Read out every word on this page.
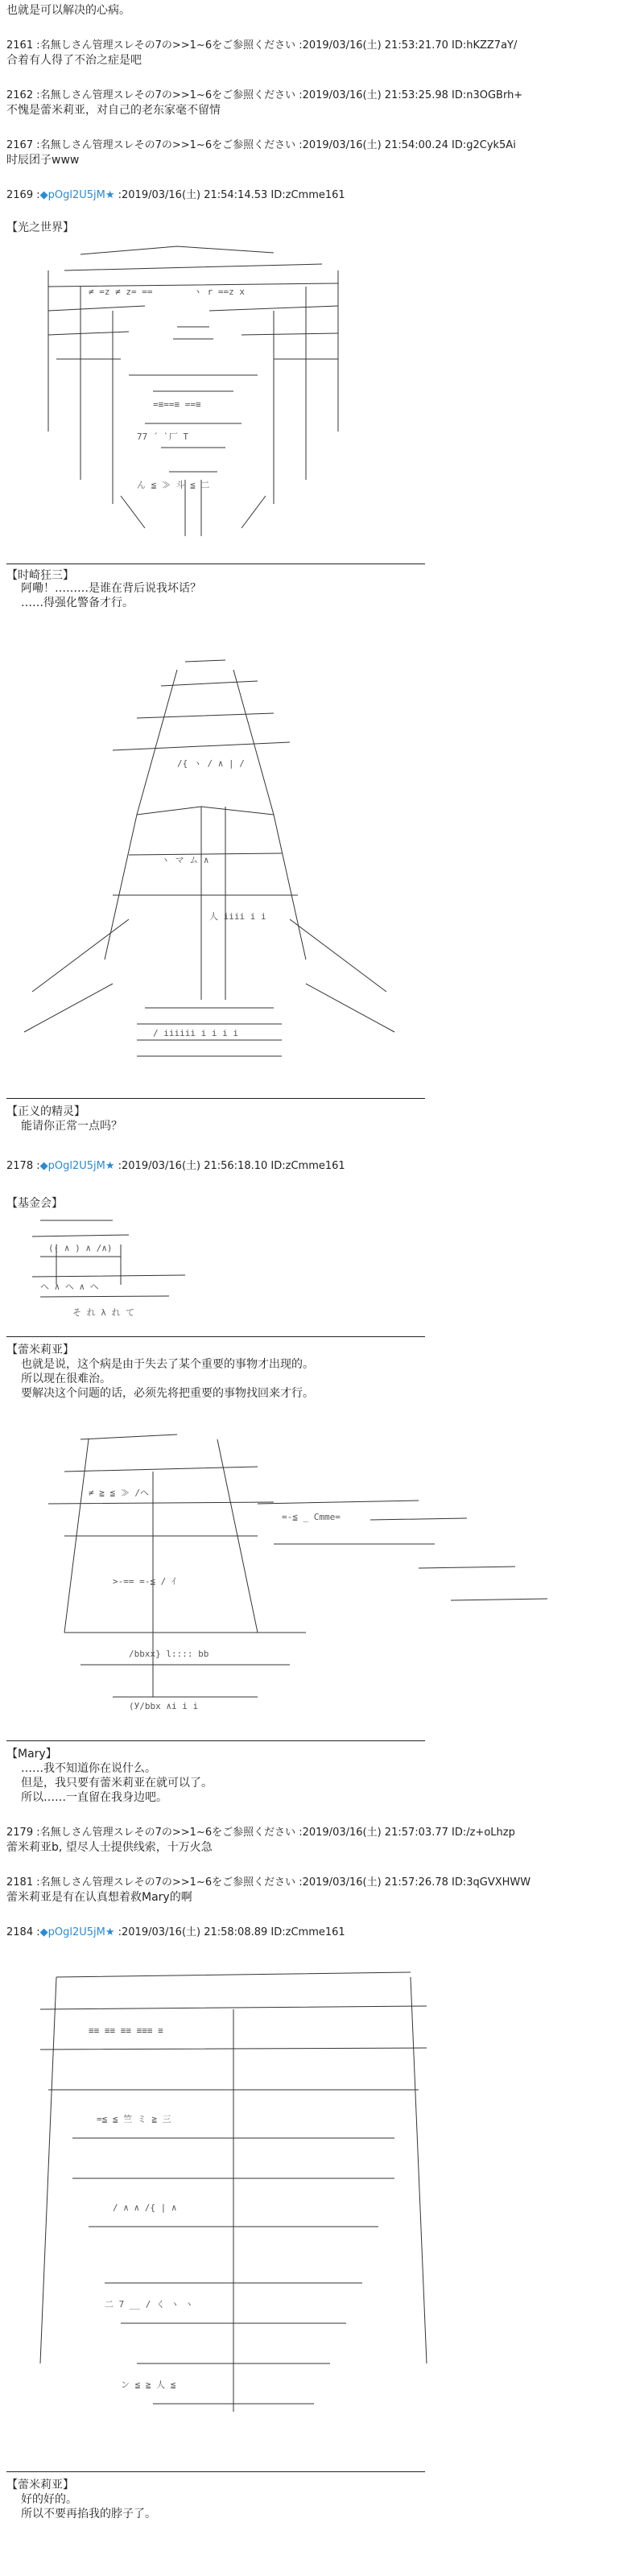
也就是可以解决的心病。
2161 :名無しさん管理スレその7の>>1~6をご参照ください :2019/03/16(土) 21:53:21.70 ID:hKZZ7aY/
合着有人得了不治之症是吧
2162 :名無しさん管理スレその7の>>1~6をご参照ください :2019/03/16(土) 21:53:25.98 ID:n3OGBrh+
不愧是蕾米莉亚，对自己的老东家毫不留情
2167 :名無しさん管理スレその7の>>1~6をご参照ください :2019/03/16(土) 21:54:00.24 ID:g2Cyk5Ai
时辰团子www
2169 :◆pOgl2U5jM★ :2019/03/16(土) 21:54:14.53 ID:zCmme161
【光之世界】
≠ =z ≠ z= ==	ヽ r ==z x
=≡==≡ ==≡
77 ´ `厂 T
ん ≦ ≫ 斗 ≦ 二
【时崎狂三】
阿嘞！………是谁在背后说我坏话？
……得强化警备才行。
/{ ヽ / ∧ | /
ヽ マ ム ∧
人 iiii i i
/ iiiiii i i i i
【正义的精灵】
能请你正常一点吗？
2178 :◆pOgl2U5jM★ :2019/03/16(土) 21:56:18.10 ID:zCmme161
【基金会】
(( ∧ ) ∧ /∧)
ヘ ∧ ヘ ∧ ヘ
そ れ λ れ て
【蕾米莉亚】
也就是说，这个病是由于失去了某个重要的事物才出现的。
所以现在很难治。
要解决这个问题的话，必须先将把重要的事物找回来才行。
≠ ≧ ≦ ≫ /ヘ
>-== =-≦ / ｲ
=-≦ _ Cmme=
/bbxx} l:::: bb
(У/bbx ∧i i i
【Mary】
……我不知道你在说什么。
但是，我只要有蕾米莉亚在就可以了。
所以……一直留在我身边吧。
2179 :名無しさん管理スレその7の>>1~6をご参照ください :2019/03/16(土) 21:57:03.77 ID:/z+oLhzp
蕾米莉亚b, 望尽人士提供线索，十万火急
2181 :名無しさん管理スレその7の>>1~6をご参照ください :2019/03/16(土) 21:57:26.78 ID:3qGVXHWW
蕾米莉亚是有在认真想着救Mary的啊
2184 :◆pOgl2U5jM★ :2019/03/16(土) 21:58:08.89 ID:zCmme161
≡≡ ≡≡ ≡≡ ≡≡≡ ≡
=≦ ≦ 竺 ミ ≧ 三
/ ∧ ∧ /{ | ∧
二 7 __ / く ヽ ヽ
ン ≦ ≧ 人 ≦
【蕾米莉亚】
好的好的。
所以不要再掐我的脖子了。
